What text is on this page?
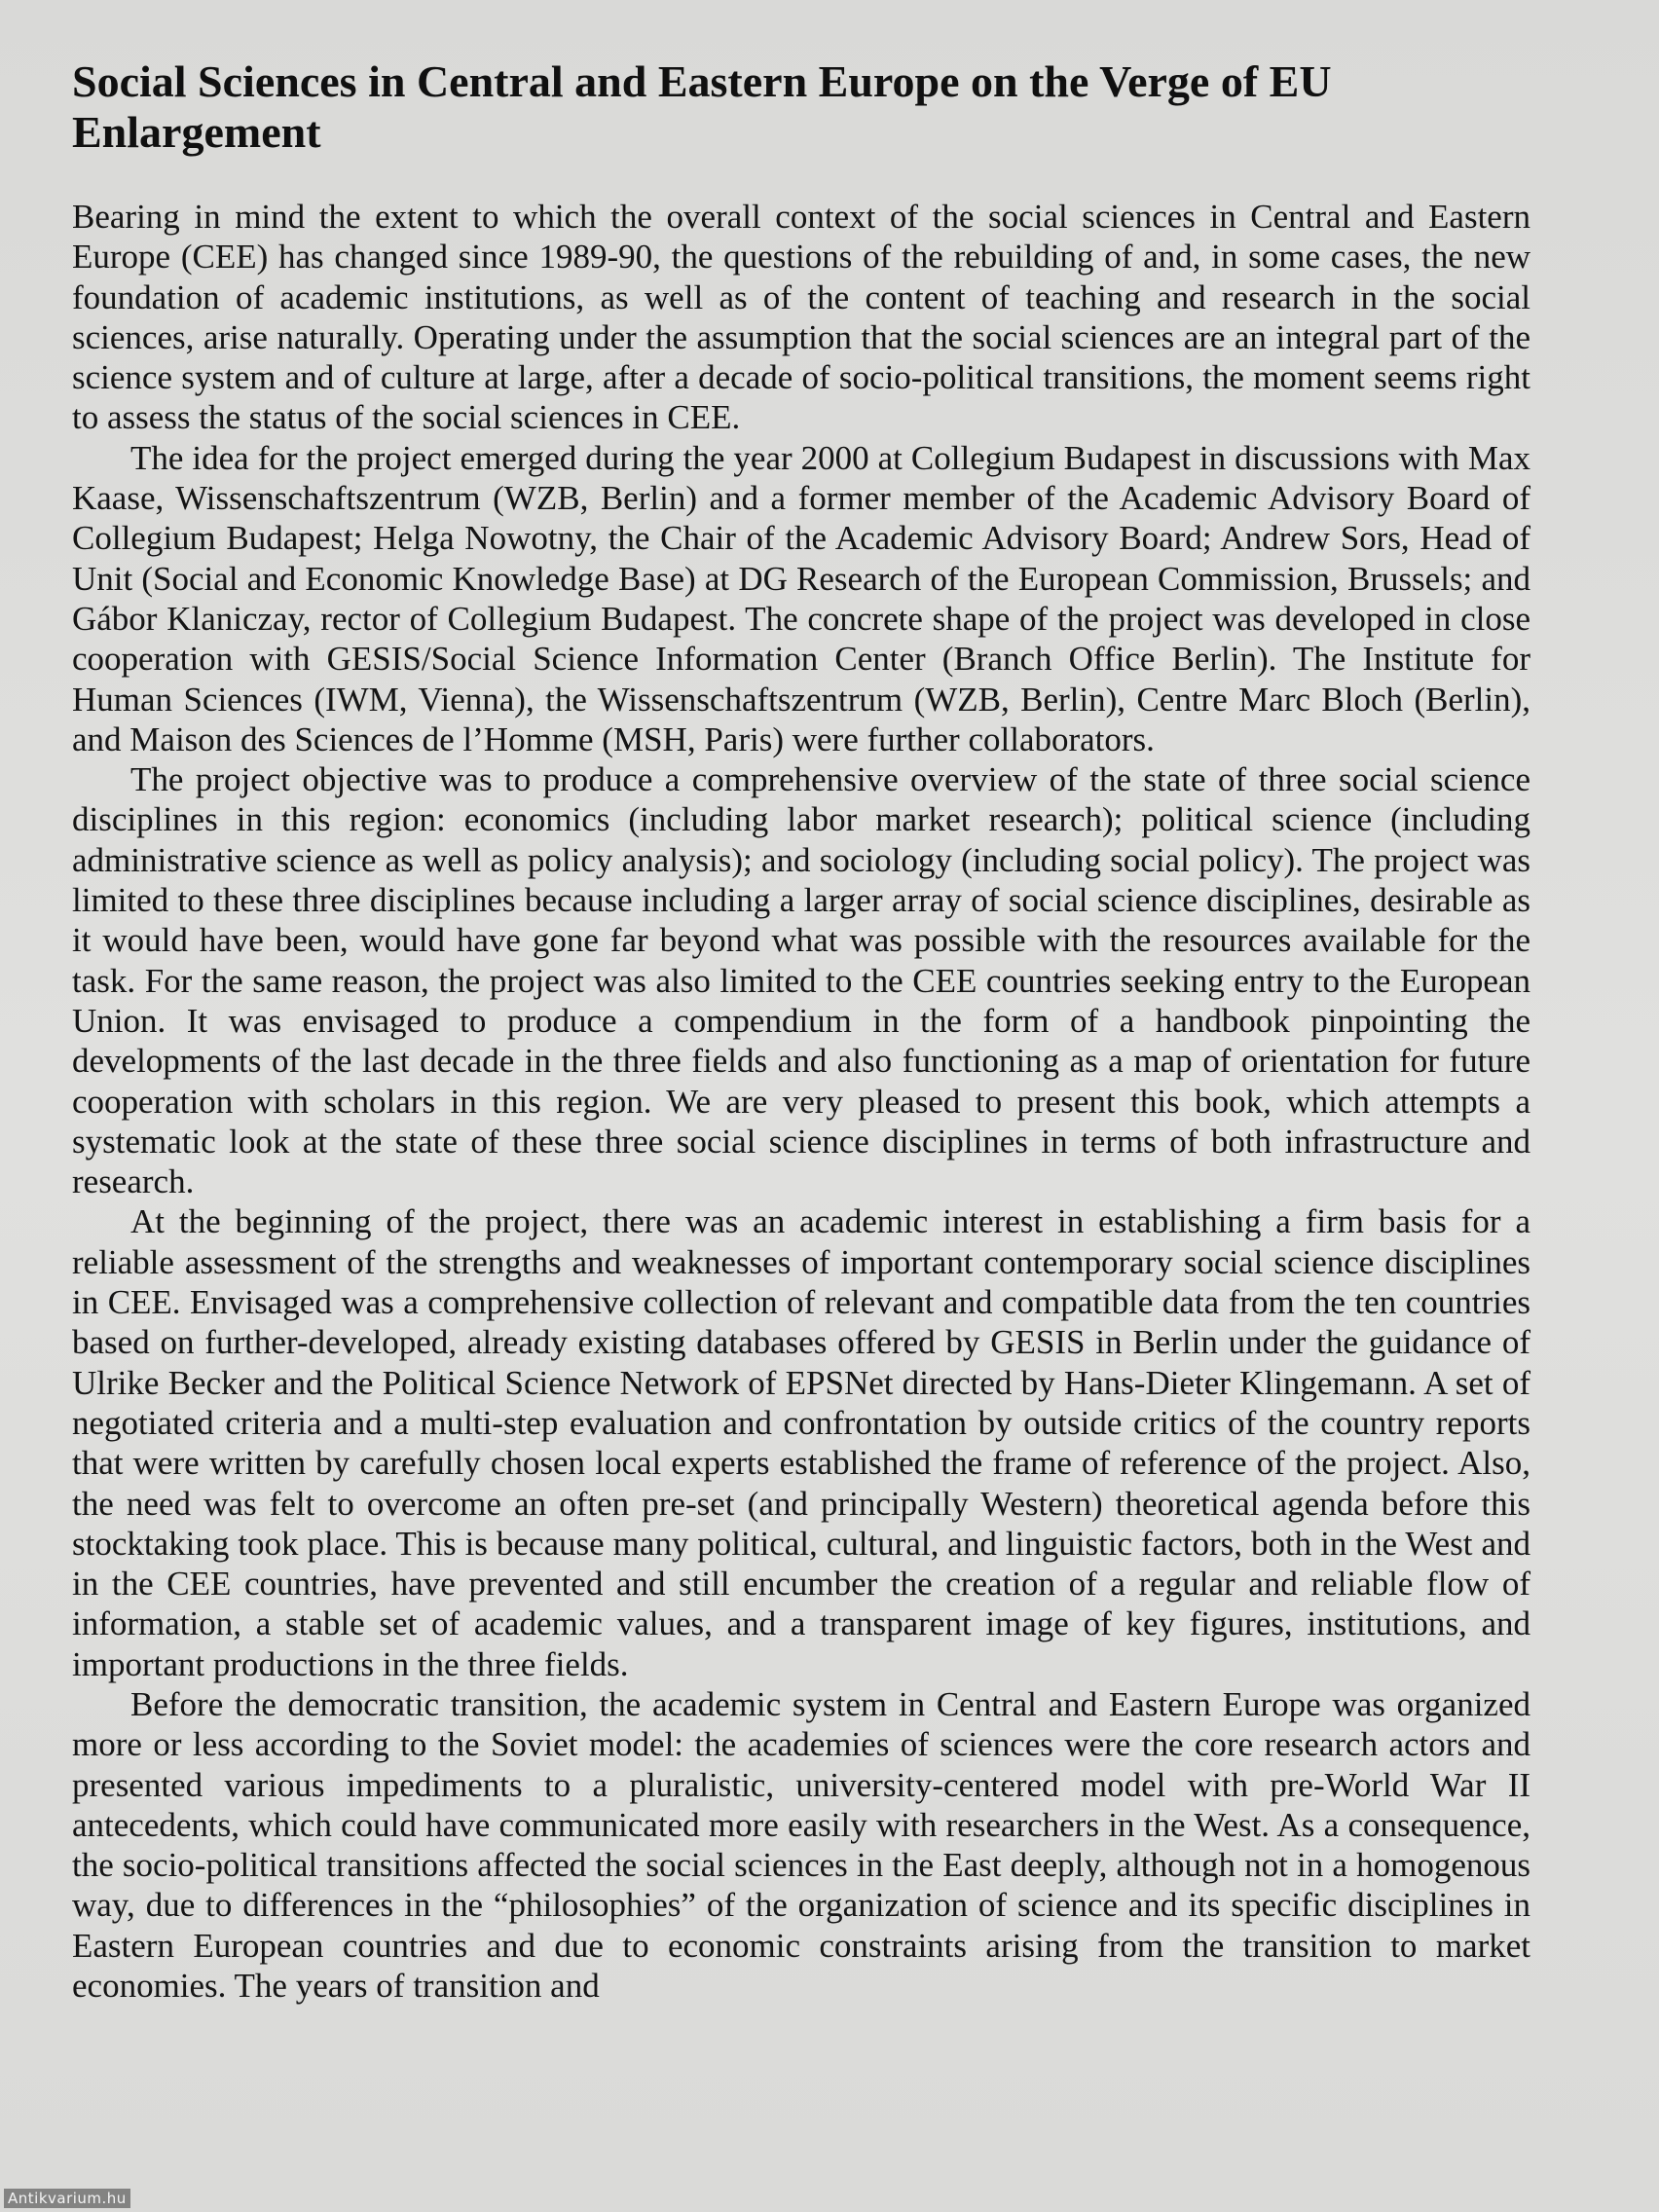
Social Sciences in Central and Eastern Europe on the Verge of EU Enlargement

Bearing in mind the extent to which the overall context of the social sciences in Central and Eastern Europe (CEE) has changed since 1989-90, the questions of the rebuilding of and, in some cases, the new foundation of academic institutions, as well as of the content of teaching and research in the social sciences, arise naturally. Operating under the assumption that the social sciences are an integral part of the science system and of culture at large, after a decade of socio-political transitions, the moment seems right to assess the status of the social sciences in CEE.

The idea for the project emerged during the year 2000 at Collegium Budapest in discussions with Max Kaase, Wissenschaftszentrum (WZB, Berlin) and a former member of the Academic Advisory Board of Collegium Budapest; Helga Nowotny, the Chair of the Academic Advisory Board; Andrew Sors, Head of Unit (Social and Economic Knowledge Base) at DG Research of the European Commission, Brussels; and Gábor Klaniczay, rector of Collegium Budapest. The concrete shape of the project was developed in close cooperation with GESIS/Social Science Information Center (Branch Office Berlin). The Institute for Human Sciences (IWM, Vienna), the Wissenschaftszentrum (WZB, Berlin), Centre Marc Bloch (Berlin), and Maison des Sciences de l’Homme (MSH, Paris) were further collaborators.

The project objective was to produce a comprehensive overview of the state of three social science disciplines in this region: economics (including labor market research); political science (including administrative science as well as policy analysis); and sociology (including social policy). The project was limited to these three disciplines because including a larger array of social science disciplines, desirable as it would have been, would have gone far beyond what was possible with the resources available for the task. For the same reason, the project was also limited to the CEE countries seeking entry to the European Union. It was envisaged to produce a compendium in the form of a handbook pinpointing the developments of the last decade in the three fields and also functioning as a map of orientation for future cooperation with scholars in this region. We are very pleased to present this book, which attempts a systematic look at the state of these three social science disciplines in terms of both infrastructure and research.

At the beginning of the project, there was an academic interest in establishing a firm basis for a reliable assessment of the strengths and weaknesses of important contemporary social science disciplines in CEE. Envisaged was a comprehensive collection of relevant and compatible data from the ten countries based on further-developed, already existing databases offered by GESIS in Berlin under the guidance of Ulrike Becker and the Political Science Network of EPSNet directed by Hans-Dieter Klingemann. A set of negotiated criteria and a multi-step evaluation and confrontation by outside critics of the country reports that were written by carefully chosen local experts established the frame of reference of the project. Also, the need was felt to overcome an often pre-set (and principally Western) theoretical agenda before this stocktaking took place. This is because many political, cultural, and linguistic factors, both in the West and in the CEE countries, have prevented and still encumber the creation of a regular and reliable flow of information, a stable set of academic values, and a transparent image of key figures, institutions, and important productions in the three fields.

Before the democratic transition, the academic system in Central and Eastern Europe was organized more or less according to the Soviet model: the academies of sciences were the core research actors and presented various impediments to a pluralistic, university-centered model with pre-World War II antecedents, which could have communicated more easily with researchers in the West. As a consequence, the socio-political transitions affected the social sciences in the East deeply, although not in a homogenous way, due to differences in the “philosophies” of the organization of science and its specific disciplines in Eastern European countries and due to economic constraints arising from the transition to market economies. The years of transition and

Antikvarium.hu
